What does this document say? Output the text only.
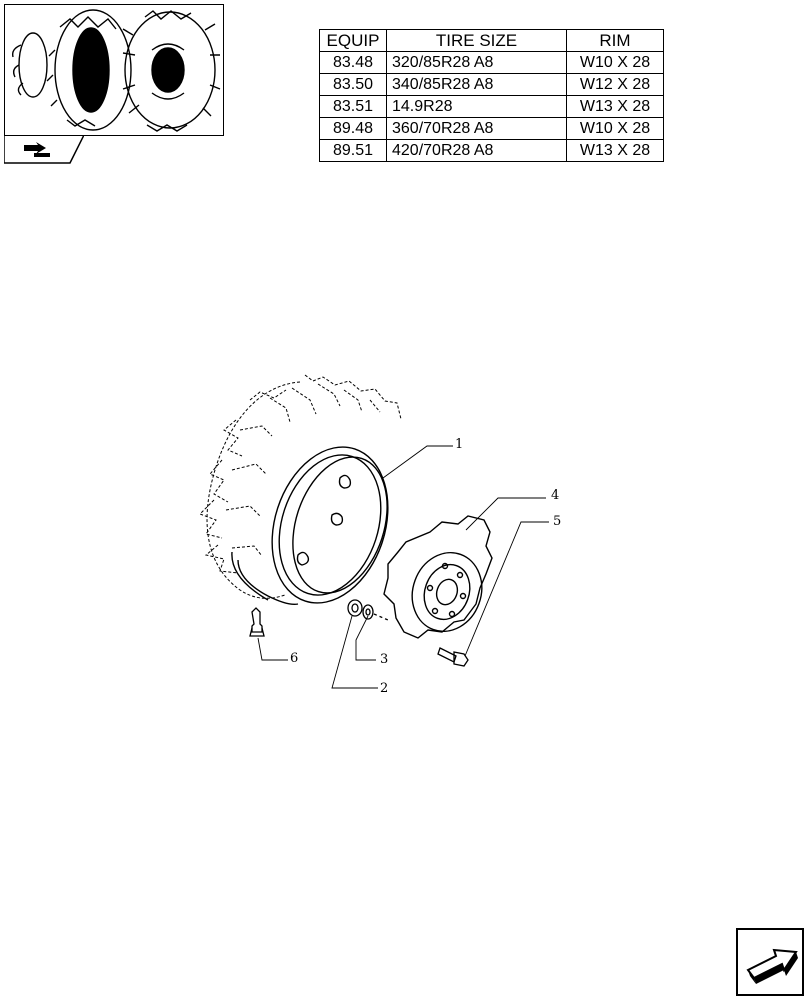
EQUIP	TIRE SIZE	RIM
83.48	320/85R28 A8	W10 X 28
83.50	340/85R28 A8	W12 X 28
83.51	14.9R28	W13 X 28
89.48	360/70R28 A8	W10 X 28
89.51	420/70R28 A8	W13 X 28
1
4
5
6	3
2
